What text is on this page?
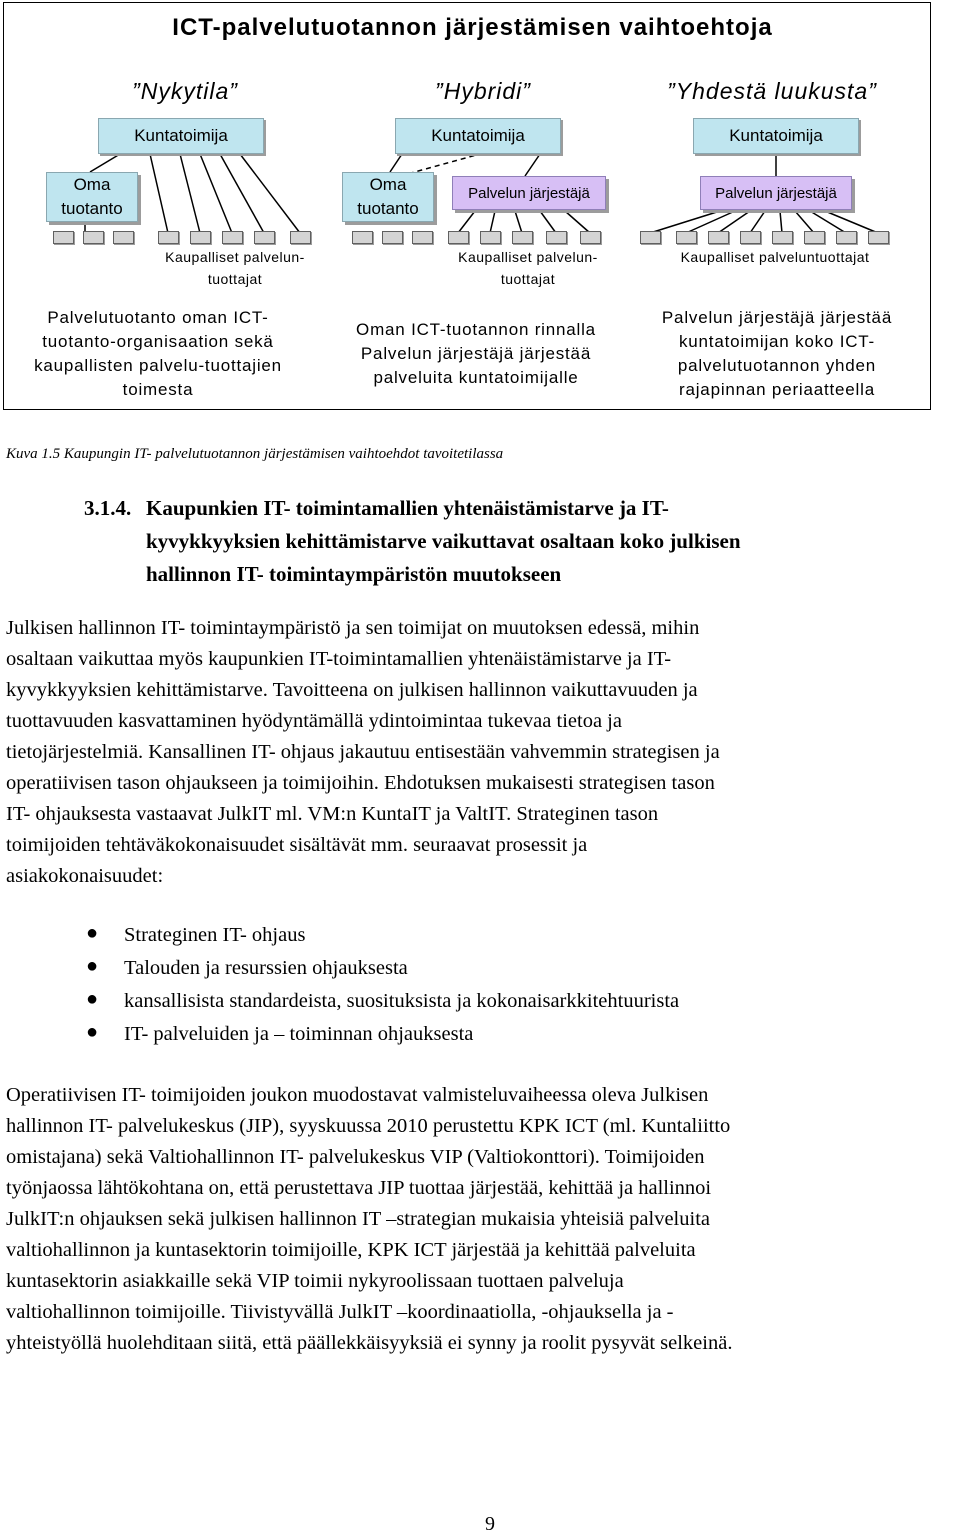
ICT-palvelutuotannon järjestämisen vaihtoehtoja
”Nykytila”	”Hybridi”	”Yhdestä luukusta”
Kuntatoimija	Kuntatoimija	Kuntatoimija
Oma tuotanto
Oma tuotanto
Palvelun järjestäjä	Palvelun järjestäjä
Kaupalliset palvelun-tuottajat
Kaupalliset palvelun-tuottajat
Kaupalliset palveluntuottajat
Palvelutuotanto oman ICT-tuotanto-organisaation sekä kaupallisten palvelu-tuottajien toimesta
Oman ICT-tuotannon rinnalla Palvelun järjestäjä järjestää palveluita kuntatoimijalle
Palvelun järjestäjä järjestää kuntatoimijan koko ICT-palvelutuotannon yhden rajapinnan periaatteella
Kuva 1.5 Kaupungin IT- palvelutuotannon järjestämisen vaihtoehdot tavoitetilassa
3.1.4. Kaupunkien IT- toimintamallien yhtenäistämistarve ja IT-
kyvykkyyksien kehittämistarve vaikuttavat osaltaan koko julkisen
hallinnon IT- toimintaympäristön muutokseen
Julkisen hallinnon IT- toimintaympäristö ja sen toimijat on muutoksen edessä, mihin
osaltaan vaikuttaa myös kaupunkien IT-toimintamallien yhtenäistämistarve ja IT-
kyvykkyyksien kehittämistarve. Tavoitteena on julkisen hallinnon vaikuttavuuden ja
tuottavuuden kasvattaminen hyödyntämällä ydintoimintaa tukevaa tietoa ja
tietojärjestelmiä. Kansallinen IT- ohjaus jakautuu entisestään vahvemmin strategisen ja
operatiivisen tason ohjaukseen ja toimijoihin. Ehdotuksen mukaisesti strategisen tason
IT- ohjauksesta vastaavat JulkIT ml. VM:n KuntaIT ja ValtIT. Strateginen tason
toimijoiden tehtäväkokonaisuudet sisältävät mm. seuraavat prosessit ja
asiakokonaisuudet:
● Strateginen IT- ohjaus
● Talouden ja resurssien ohjauksesta
● kansallisista standardeista, suosituksista ja kokonaisarkkitehtuurista
● IT- palveluiden ja – toiminnan ohjauksesta
Operatiivisen IT- toimijoiden joukon muodostavat valmisteluvaiheessa oleva Julkisen
hallinnon IT- palvelukeskus (JIP), syyskuussa 2010 perustettu KPK ICT (ml. Kuntaliitto
omistajana) sekä Valtiohallinnon IT- palvelukeskus VIP (Valtiokonttori). Toimijoiden
työnjaossa lähtökohtana on, että perustettava JIP tuottaa järjestää, kehittää ja hallinnoi
JulkIT:n ohjauksen sekä julkisen hallinnon IT –strategian mukaisia yhteisiä palveluita
valtiohallinnon ja kuntasektorin toimijoille, KPK ICT järjestää ja kehittää palveluita
kuntasektorin asiakkaille sekä VIP toimii nykyroolissaan tuottaen palveluja
valtiohallinnon toimijoille. Tiivistyvällä JulkIT –koordinaatiolla, -ohjauksella ja -
yhteistyöllä huolehditaan siitä, että päällekkäisyyksiä ei synny ja roolit pysyvät selkeinä.
9
